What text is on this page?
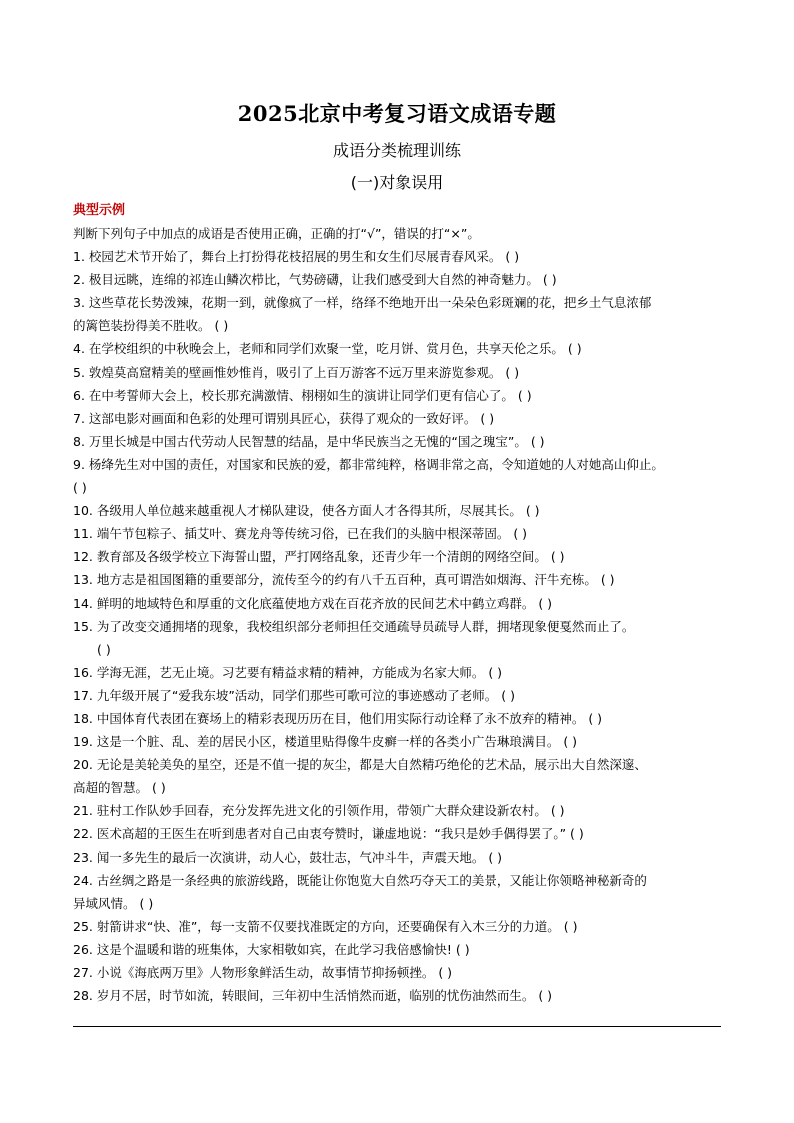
2025北京中考复习语文成语专题
成语分类梳理训练
(一)对象误用
典型示例
判断下列句子中加点的成语是否使用正确，正确的打“√”，错误的打“×”。
1. 校园艺术节开始了，舞台上打扮得花枝招展的男生和女生们尽展青春风采。 ( )
2. 极目远眺，连绵的祁连山鳞次栉比，气势磅礴，让我们感受到大自然的神奇魅力。 ( )
3. 这些草花长势泼辣，花期一到，就像疯了一样，络绎不绝地开出一朵朵色彩斑斓的花，把乡土气息浓郁
的篱笆装扮得美不胜收。 ( )
4. 在学校组织的中秋晚会上，老师和同学们欢聚一堂，吃月饼、赏月色，共享天伦之乐。 ( )
5. 敦煌莫高窟精美的壁画惟妙惟肖，吸引了上百万游客不远万里来游览参观。 ( )
6. 在中考誓师大会上，校长那充满激情、栩栩如生的演讲让同学们更有信心了。 ( )
7. 这部电影对画面和色彩的处理可谓别具匠心，获得了观众的一致好评。 ( )
8. 万里长城是中国古代劳动人民智慧的结晶，是中华民族当之无愧的“国之瑰宝”。 ( )
9. 杨绛先生对中国的责任，对国家和民族的爱，都非常纯粹，格调非常之高，令知道她的人对她高山仰止。
( )
10. 各级用人单位越来越重视人才梯队建设，使各方面人才各得其所，尽展其长。 ( )
11. 端午节包粽子、插艾叶、赛龙舟等传统习俗，已在我们的头脑中根深蒂固。 ( )
12. 教育部及各级学校立下海誓山盟，严打网络乱象，还青少年一个清朗的网络空间。 ( )
13. 地方志是祖国图籍的重要部分，流传至今的约有八千五百种，真可谓浩如烟海、汗牛充栋。 ( )
14. 鲜明的地域特色和厚重的文化底蕴使地方戏在百花齐放的民间艺术中鹤立鸡群。 ( )
15. 为了改变交通拥堵的现象，我校组织部分老师担任交通疏导员疏导人群，拥堵现象便戛然而止了。
( )
16. 学海无涯，艺无止境。习艺要有精益求精的精神，方能成为名家大师。 ( )
17. 九年级开展了“爱我东坡”活动，同学们那些可歌可泣的事迹感动了老师。 ( )
18. 中国体育代表团在赛场上的精彩表现历历在目，他们用实际行动诠释了永不放弃的精神。 ( )
19. 这是一个脏、乱、差的居民小区，楼道里贴得像牛皮癣一样的各类小广告琳琅满目。 ( )
20. 无论是美轮美奂的星空，还是不值一提的灰尘，都是大自然精巧绝伦的艺术品，展示出大自然深邃、
高超的智慧。 ( )
21. 驻村工作队妙手回春，充分发挥先进文化的引领作用，带领广大群众建设新农村。 ( )
22. 医术高超的王医生在听到患者对自己由衷夸赞时，谦虚地说：“我只是妙手偶得罢了。” ( )
23. 闻一多先生的最后一次演讲，动人心，鼓壮志，气冲斗牛，声震天地。 ( )
24. 古丝绸之路是一条经典的旅游线路，既能让你饱览大自然巧夺天工的美景，又能让你领略神秘新奇的
异域风情。 ( )
25. 射箭讲求“快、准”，每一支箭不仅要找准既定的方向，还要确保有入木三分的力道。 ( )
26. 这是个温暖和谐的班集体，大家相敬如宾，在此学习我倍感愉快! ( )
27. 小说《海底两万里》人物形象鲜活生动，故事情节抑扬顿挫。 ( )
28. 岁月不居，时节如流，转眼间，三年初中生活悄然而逝，临别的忧伤油然而生。 ( )
